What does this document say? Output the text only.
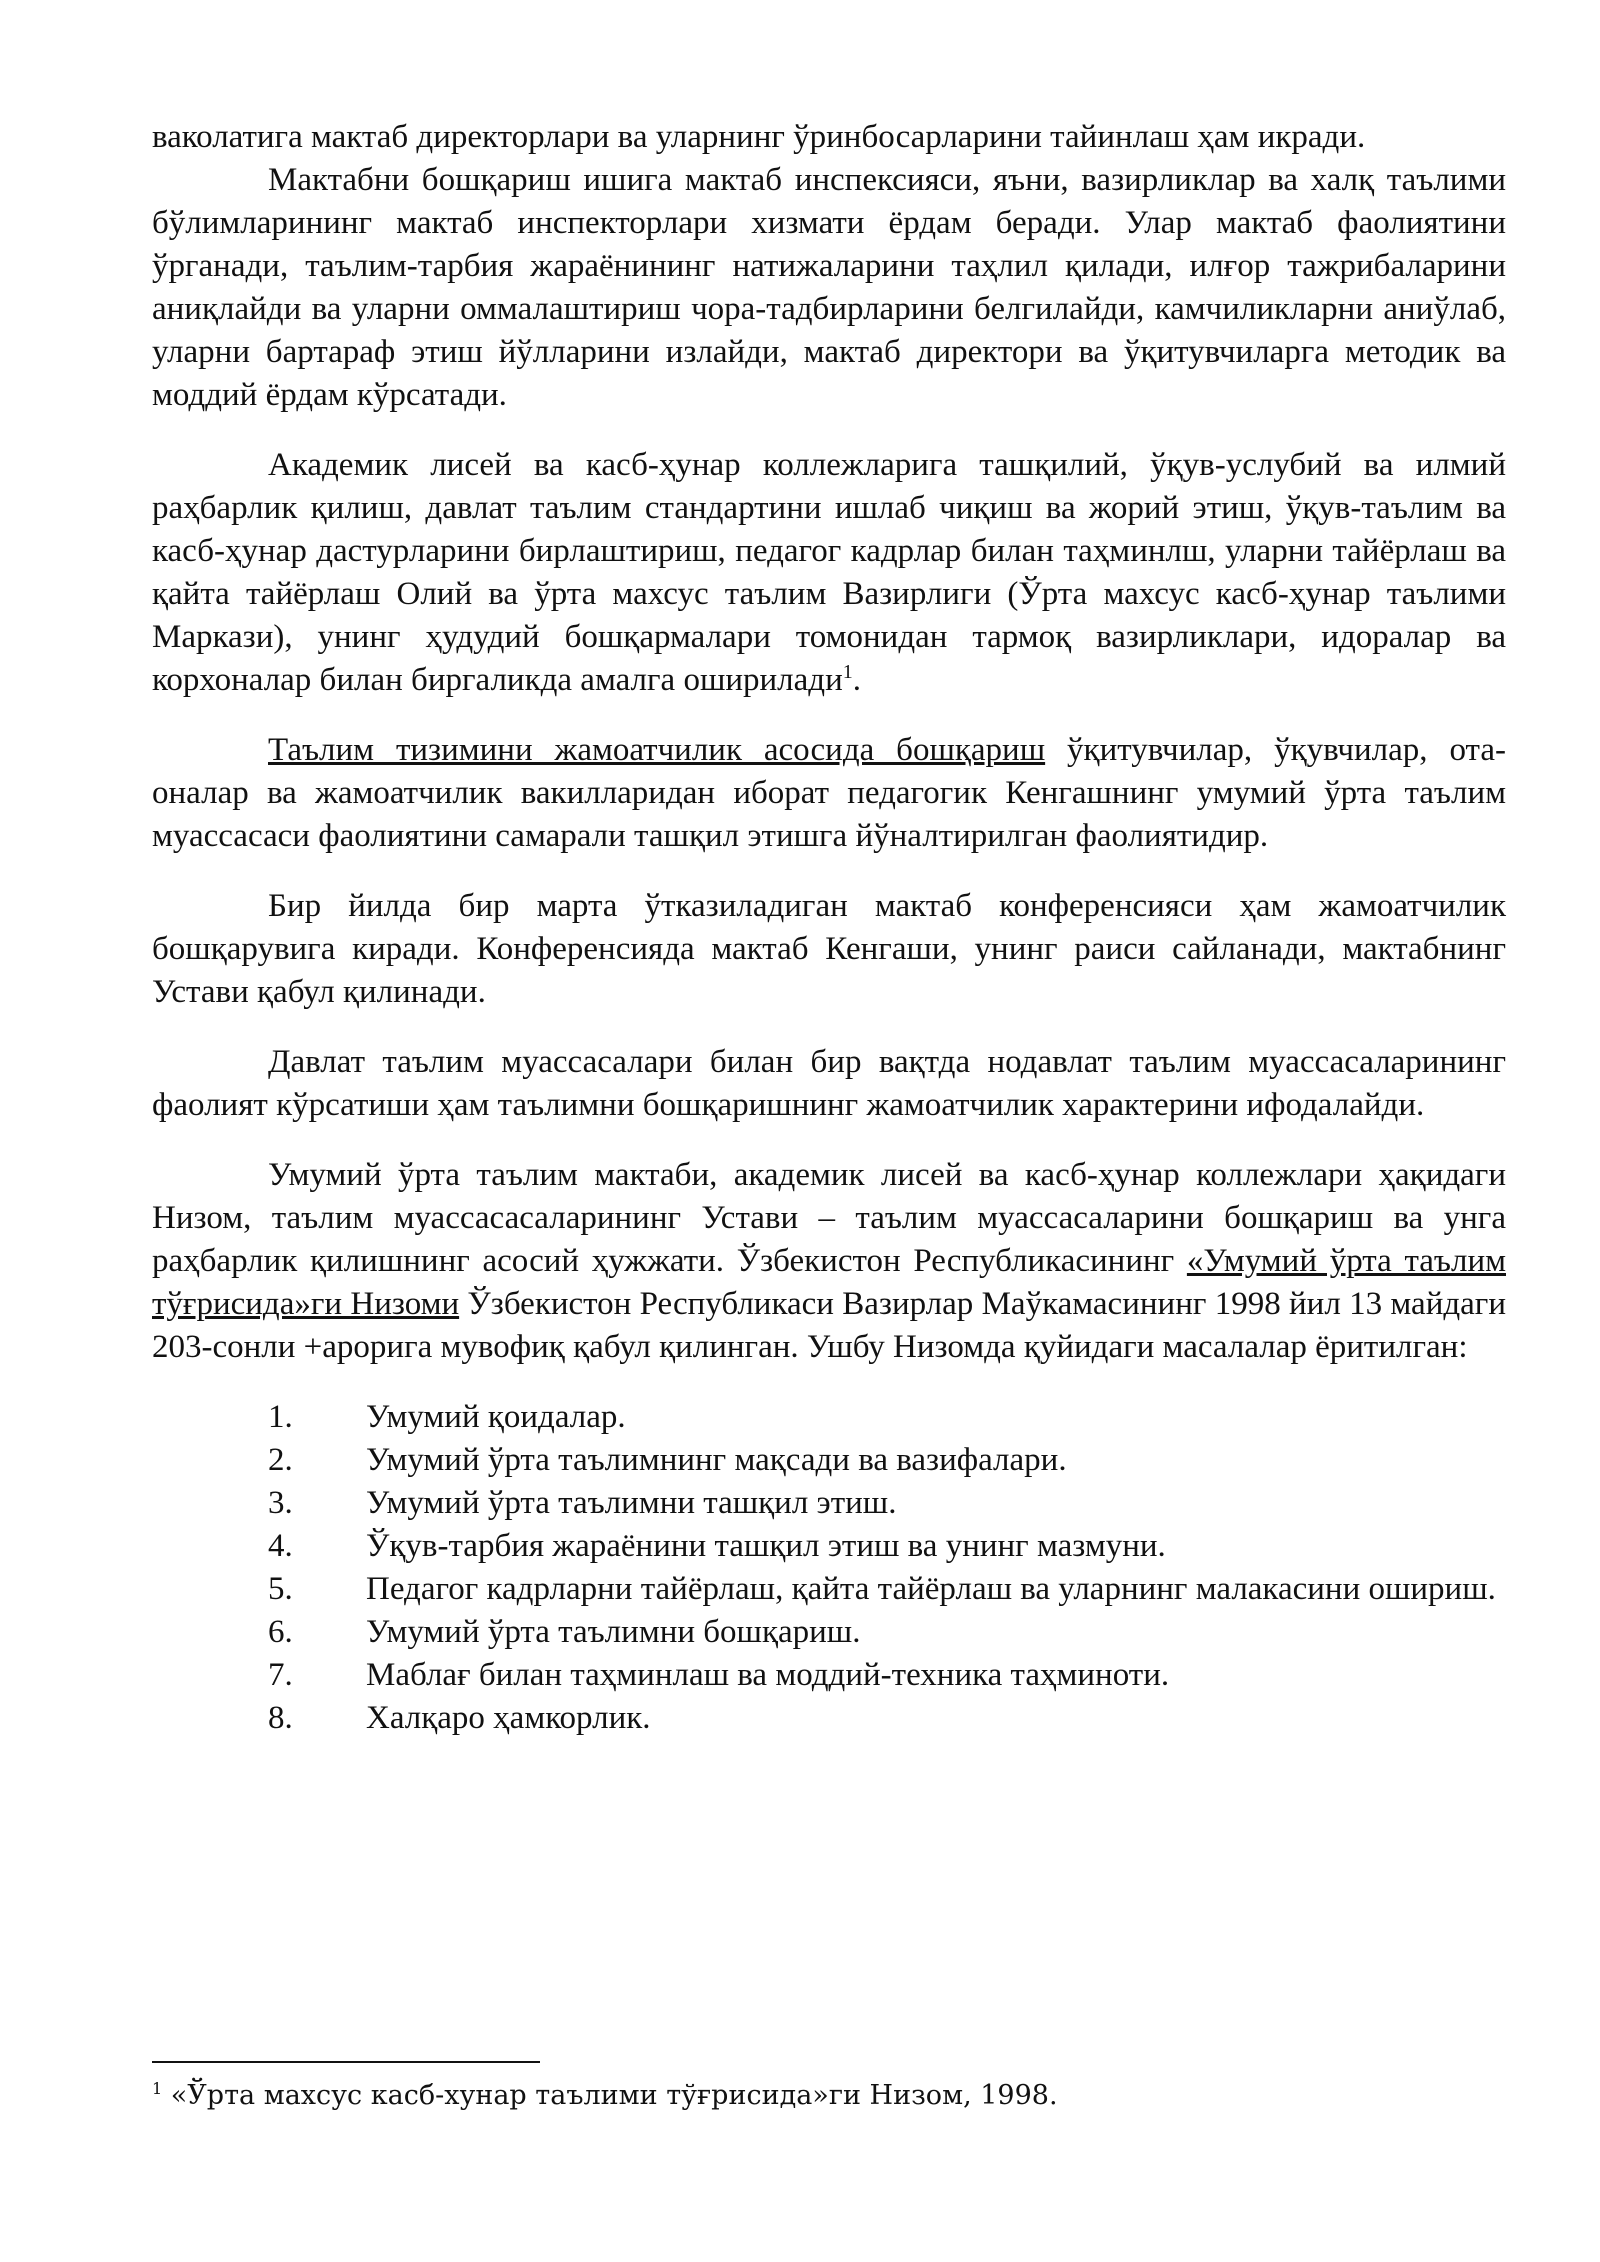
ваколатига мактаб директорлари ва уларнинг ўринбосарларини тайинлаш ҳам икради.

Мактабни бошқариш ишига мактаб инспексияси, яъни, вазирликлар ва халқ таълими бўлимларининг мактаб инспекторлари хизмати ёрдам беради. Улар мактаб фаолиятини ўрганади, таълим-тарбия жараёнининг натижаларини таҳлил қилади, илғор тажрибаларини аниқлайди ва уларни оммалаштириш чора-тадбирларини белгилайди, камчиликларни аниўлаб, уларни бартараф этиш йўлларини излайди, мактаб директори ва ўқитувчиларга методик ва моддий ёрдам кўрсатади.

Академик лисей ва касб-ҳунар коллежларига ташқилий, ўқув-услубий ва илмий раҳбарлик қилиш, давлат таълим стандартини ишлаб чиқиш ва жорий этиш, ўқув-таълим ва касб-ҳунар дастурларини бирлаштириш, педагог кадрлар билан таҳминлш, уларни тайёрлаш ва қайта тайёрлаш Олий ва ўрта махсус таълим Вазирлиги (Ўрта махсус касб-ҳунар таълими Маркази), унинг ҳудудий бошқармалари томонидан тармоқ вазирликлари, идоралар ва корхоналар билан биргаликда амалга оширилади$^1$.

Таълим тизимини жамоатчилик асосида бошқариш ўқитувчилар, ўқувчилар, ота-оналар ва жамоатчилик вакилларидан иборат педагогик Кенгашнинг умумий ўрта таълим муассасаси фаолиятини самарали ташқил этишга йўналтирилган фаолиятидир.

Бир йилда бир марта ўтказиладиган мактаб конференсияси ҳам жамоатчилик бошқарувига киради. Конференсияда мактаб Кенгаши, унинг раиси сайланади, мактабнинг Устави қабул қилинади.

Давлат таълим муассасалари билан бир вақтда нодавлат таълим муассасаларининг фаолият кўрсатиши ҳам таълимни бошқаришнинг жамоатчилик характерини ифодалайди.

Умумий ўрта таълим мактаби, академик лисей ва касб-ҳунар коллежлари ҳақидаги Низом, таълим муассасасаларининг Устави – таълим муассасаларини бошқариш ва унга раҳбарлик қилишнинг асосий ҳужжати. Ўзбекистон Республикасининг «Умумий ўрта таълим тўғрисида»ги Низоми Ўзбекистон Республикаси Вазирлар Маўкамасининг 1998 йил 13 майдаги 203-сонли +арорига мувофиқ қабул қилинган. Ушбу Низомда қуйидаги масалалар ёритилган:

1. Умумий қоидалар.
2. Умумий ўрта таълимнинг мақсади ва вазифалари.
3. Умумий ўрта таълимни ташқил этиш.
4. Ўқув-тарбия жараёнини ташқил этиш ва унинг мазмуни.
5. Педагог кадрларни тайёрлаш, қайта тайёрлаш ва уларнинг малакасини ошириш.
6. Умумий ўрта таълимни бошқариш.
7. Маблағ билан таҳминлаш ва моддий-техника таҳминоти.
8. Халқаро ҳамкорлик.
$^1$ «Ўрта махсус касб-хунар таълими тўғрисида»ги Низом, 1998.
